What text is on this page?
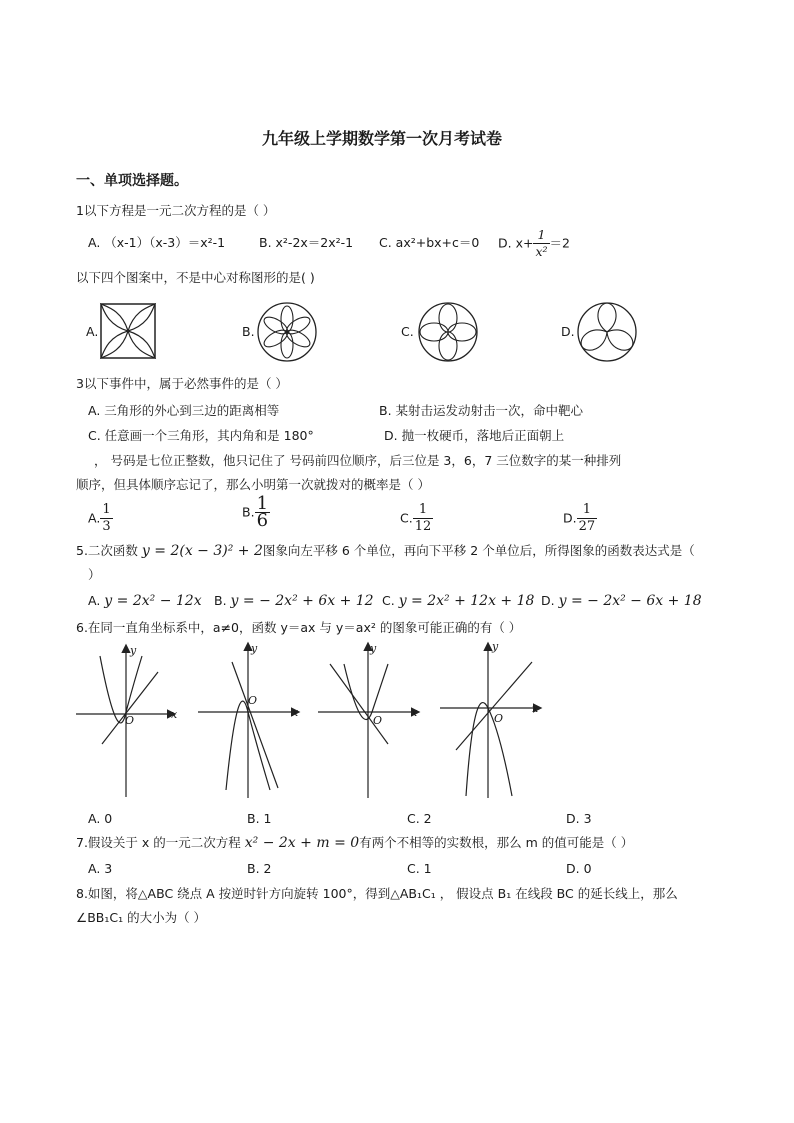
九年级上学期数学第一次月考试卷
一、单项选择题。
1以下方程是一元二次方程的是（ ）
A. （x-1）（x-3）＝x²-1	B. x²-2x＝2x²-1 C. ax²+bx+c＝0 D. $x+ \frac{1}{\text{x²}} =2$
以下四个图案中，不是中心对称图形的是( )
A.	B.	C.	D.
3以下事件中，属于必然事件的是（ ）
A. 三角形的外心到三边的距离相等	B. 某射击运发动射击一次，命中靶心
C. 任意画一个三角形，其内角和是 180°	D. 抛一枚硬币，落地后正面朝上
， 号码是七位正整数，他只记住了 号码前四位顺序，后三位是 3，6，7 三位数字的某一种排列
顺序，但具体顺序忘记了，那么小明第一次就拨对的概率是（ ）
A. $\frac{1}{3}$	B. $\frac{1}{6}$	C. $\frac{1}{12}$	D. $\frac{1}{27}$
5.二次函数 y = 2(x − 3)² + 2图象向左平移 6 个单位，再向下平移 2 个单位后，所得图象的函数表达式是（
）
A. y = 2x² − 12x B. y = − 2x² + 6x + 12 C. y = 2x² + 12x + 18 D. y = − 2x² − 6x + 18
6.在同一直角坐标系中，a≠0，函数 y＝ax 与 y＝ax² 的图象可能正确的有（ ）
x
y
O
x
y
O
x
y
O
x
y
O
A. 0	B. 1	C. 2	D. 3
7.假设关于 x 的一元二次方程 x² − 2x + m = 0有两个不相等的实数根，那么 m 的值可能是（ ）
A. 3	B. 2	C. 1	D. 0
8.如图，将△ABC 绕点 A 按逆时针方向旋转 100°，得到△AB₁C₁ ， 假设点 B₁ 在线段 BC 的延长线上，那么
∠BB₁C₁ 的大小为（ ）
